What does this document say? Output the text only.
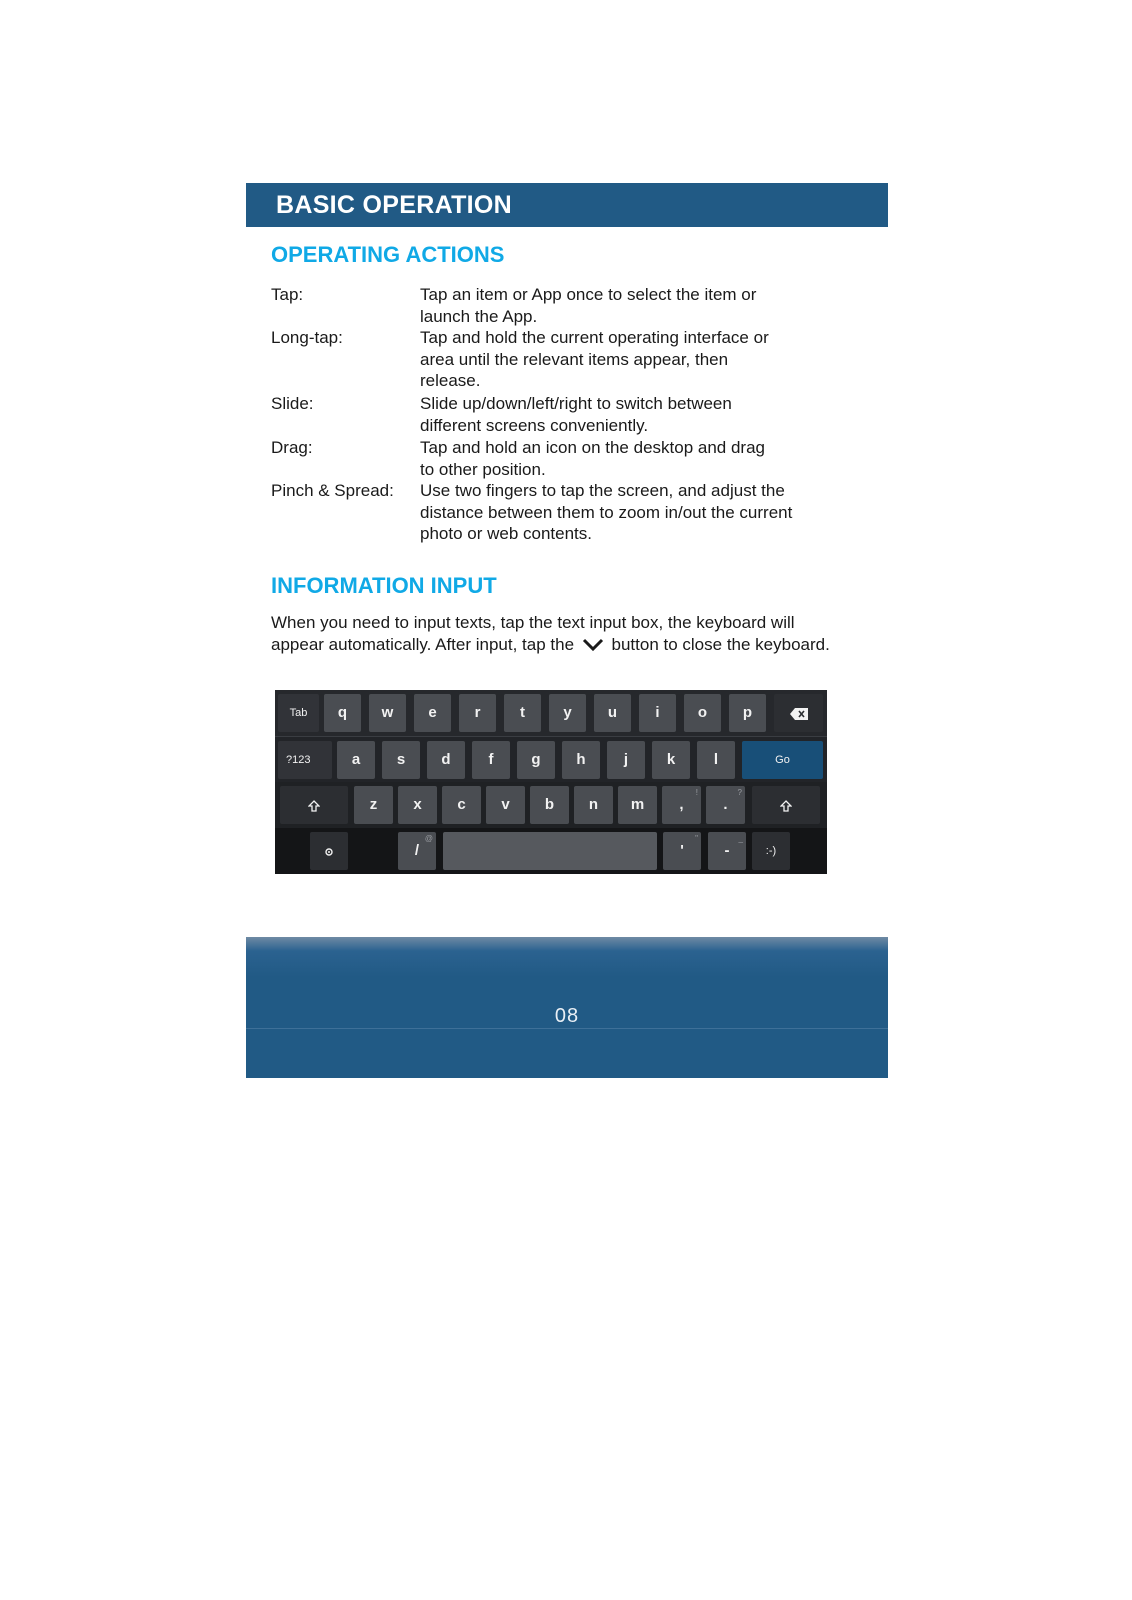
BASIC OPERATION
OPERATING ACTIONS
Tap:	Tap an item or App once to select the item or
launch the App.
Long-tap:	Tap and hold the current operating interface or
area until the relevant items appear, then
release.
Slide:	Slide up/down/left/right to switch between
different screens conveniently.
Drag:	Tap and hold an icon on the desktop and drag
to other position.
Pinch & Spread: Use two fingers to tap the screen, and adjust the
distance between them to zoom in/out the current
photo or web contents.
INFORMATION INPUT
When you need to input texts, tap the text input box, the keyboard will appear automatically. After input, tap the button to close the keyboard.
Tab	q	w	e	r	t	y	u	i	o	p
?123	a	s	d	f	g	h	j	k	l	Go
z	x	c	v	b	n	m	,
!
.
?
/
@
'
"
-
_
:-)
08
